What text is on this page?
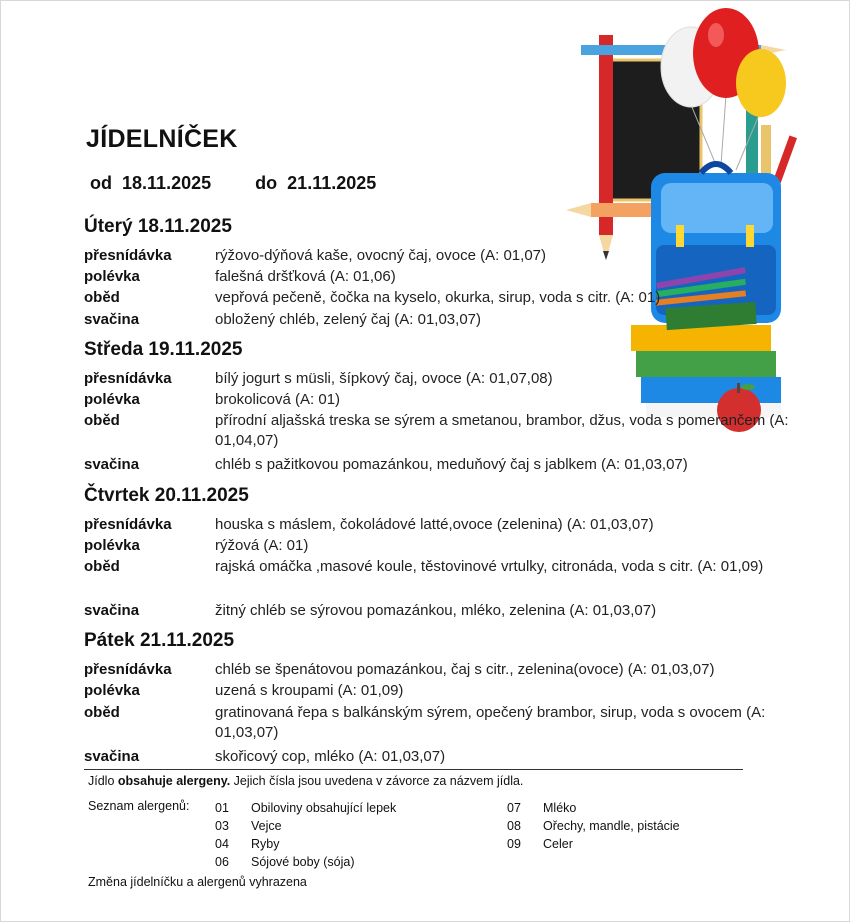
JÍDELNÍČEK
od 18.11.2025 do 21.11.2025
Úterý 18.11.2025
přesnídávka	rýžovo-dýňová kaše, ovocný čaj, ovoce (A: 01,07)
polévka	falešná dršťková (A: 01,06)
oběd	vepřová pečeně, čočka na kyselo, okurka, sirup, voda s citr. (A: 01)
svačina	obložený chléb, zelený čaj (A: 01,03,07)
Středa 19.11.2025
přesnídávka	bílý jogurt s müsli, šípkový čaj, ovoce (A: 01,07,08)
polévka	brokolicová (A: 01)
oběd	přírodní aljašská treska se sýrem a smetanou, brambor, džus, voda s pomerančem (A: 01,04,07)
svačina	chléb s pažitkovou pomazánkou, meduňový čaj s jablkem (A: 01,03,07)
Čtvrtek 20.11.2025
přesnídávka	houska s máslem, čokoládové latté,ovoce (zelenina) (A: 01,03,07)
polévka	rýžová (A: 01)
oběd	rajská omáčka ,masové koule, těstovinové vrtulky, citronáda, voda s citr. (A: 01,09)
svačina	žitný chléb se sýrovou pomazánkou, mléko, zelenina (A: 01,03,07)
Pátek 21.11.2025
přesnídávka	chléb se špenátovou pomazánkou, čaj s citr., zelenina(ovoce) (A: 01,03,07)
polévka	uzená s kroupami (A: 01,09)
oběd	gratinovaná řepa s balkánským sýrem, opečený brambor, sirup, voda s ovocem (A: 01,03,07)
svačina	skořicový cop, mléko (A: 01,03,07)
Jídlo obsahuje alergeny. Jejich čísla jsou uvedena v závorce za názvem jídla.
Seznam alergenů: 01 Obiloviny obsahující lepek
03 Vejce
04 Ryby
06 Sójové boby (sója)
07 Mléko
08 Ořechy, mandle, pistácie
09 Celer
Změna jídelníčku a alergenů vyhrazena
